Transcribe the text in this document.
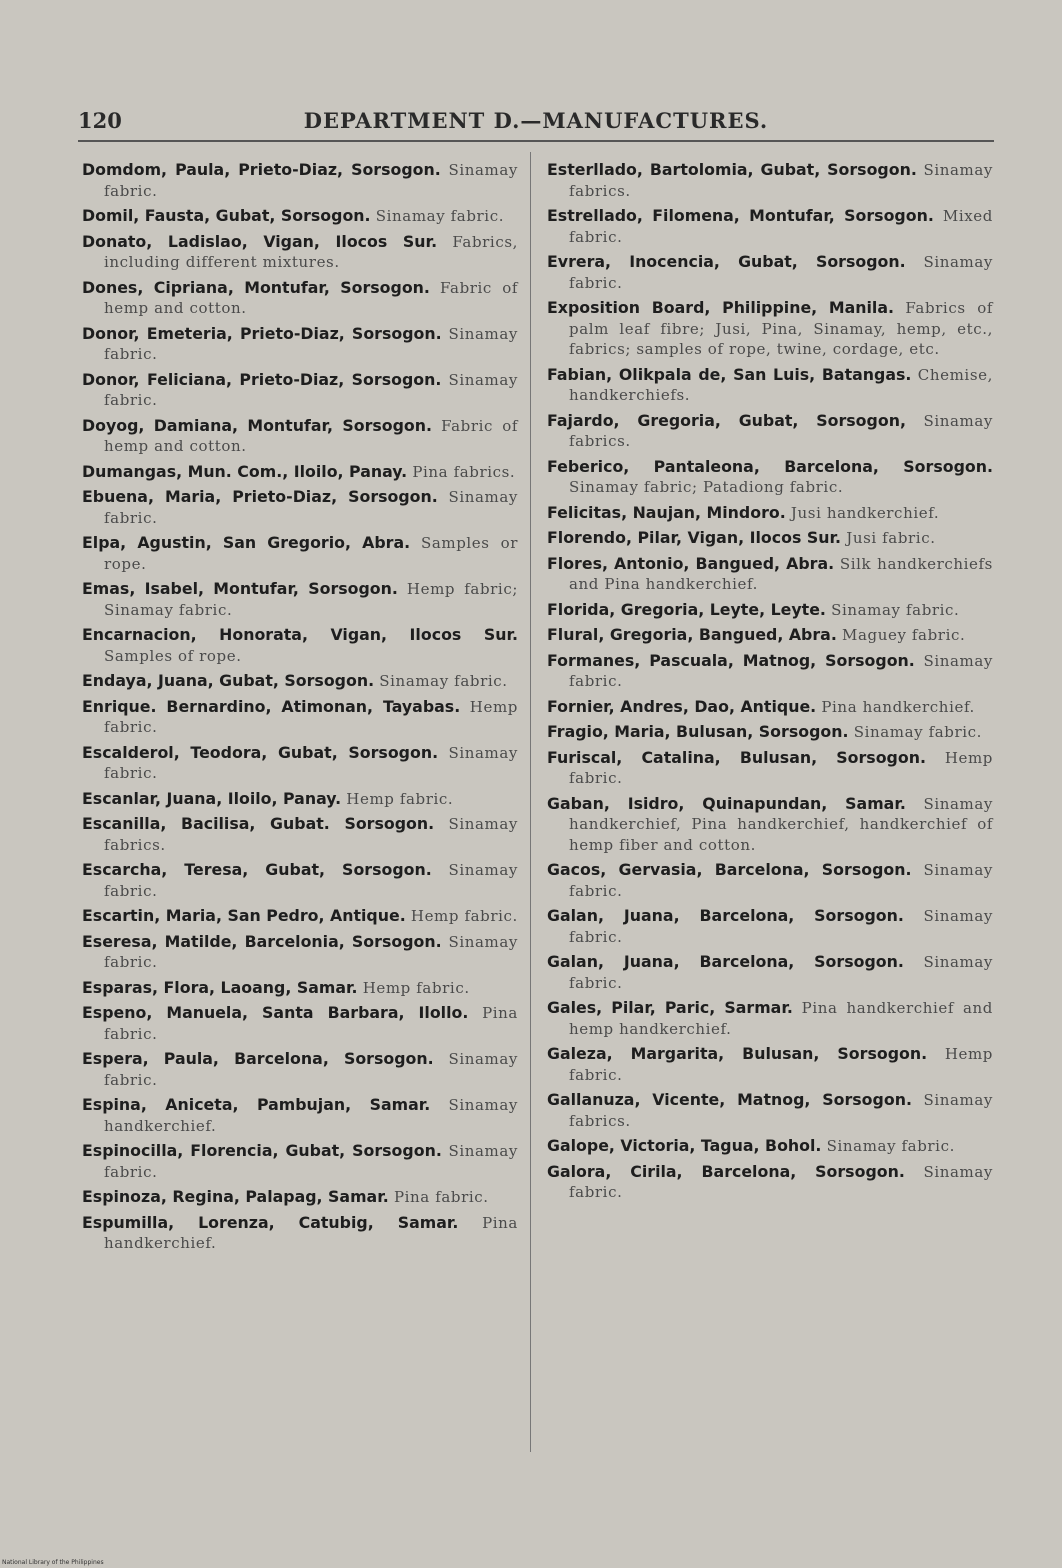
120	DEPARTMENT D.—MANUFACTURES.

Domdom, Paula, Prieto-Diaz, Sorsogon. Sinamay fabric.

Domil, Fausta, Gubat, Sorsogon. Sinamay fabric.

Donato, Ladislao, Vigan, Ilocos Sur. Fabrics, including different mixtures.

Dones, Cipriana, Montufar, Sorsogon. Fabric of hemp and cotton.

Donor, Emeteria, Prieto-Diaz, Sorsogon. Sinamay fabric.

Donor, Feliciana, Prieto-Diaz, Sorsogon. Sinamay fabric.

Doyog, Damiana, Montufar, Sorsogon. Fabric of hemp and cotton.

Dumangas, Mun. Com., Iloilo, Panay. Pina fabrics.

Ebuena, Maria, Prieto-Diaz, Sorsogon. Sinamay fabric.

Elpa, Agustin, San Gregorio, Abra. Samples or rope.

Emas, Isabel, Montufar, Sorsogon. Hemp fabric; Sinamay fabric.

Encarnacion, Honorata, Vigan, Ilocos Sur. Samples of rope.

Endaya, Juana, Gubat, Sorsogon. Sinamay fabric.

Enrique. Bernardino, Atimonan, Tayabas. Hemp fabric.

Escalderol, Teodora, Gubat, Sorsogon. Sinamay fabric.

Escanlar, Juana, Iloilo, Panay. Hemp fabric.

Escanilla, Bacilisa, Gubat. Sorsogon. Sinamay fabrics.

Escarcha, Teresa, Gubat, Sorsogon. Sinamay fabric.

Escartin, Maria, San Pedro, Antique. Hemp fabric.

Eseresa, Matilde, Barcelonia, Sorsogon. Sinamay fabric.

Esparas, Flora, Laoang, Samar. Hemp fabric.

Espeno, Manuela, Santa Barbara, Ilollo. Pina fabric.

Espera, Paula, Barcelona, Sorsogon. Sinamay fabric.

Espina, Aniceta, Pambujan, Samar. Sinamay handkerchief.

Espinocilla, Florencia, Gubat, Sorsogon. Sinamay fabric.

Espinoza, Regina, Palapag, Samar. Pina fabric.

Espumilla, Lorenza, Catubig, Samar. Pina handkerchief.

Esterllado, Bartolomia, Gubat, Sorsogon. Sinamay fabrics.

Estrellado, Filomena, Montufar, Sorsogon. Mixed fabric.

Evrera, Inocencia, Gubat, Sorsogon. Sinamay fabric.

Exposition Board, Philippine, Manila. Fabrics of palm leaf fibre; Jusi, Pina, Sinamay, hemp, etc., fabrics; samples of rope, twine, cordage, etc.

Fabian, Olikpala de, San Luis, Batangas. Chemise, handkerchiefs.

Fajardo, Gregoria, Gubat, Sorsogon, Sinamay fabrics.

Feberico, Pantaleona, Barcelona, Sorsogon. Sinamay fabric; Patadiong fabric.

Felicitas, Naujan, Mindoro. Jusi handkerchief.

Florendo, Pilar, Vigan, Ilocos Sur. Jusi fabric.

Flores, Antonio, Bangued, Abra. Silk handkerchiefs and Pina handkerchief.

Florida, Gregoria, Leyte, Leyte. Sinamay fabric.

Flural, Gregoria, Bangued, Abra. Maguey fabric.

Formanes, Pascuala, Matnog, Sorsogon. Sinamay fabric.

Fornier, Andres, Dao, Antique. Pina handkerchief.

Fragio, Maria, Bulusan, Sorsogon. Sinamay fabric.

Furiscal, Catalina, Bulusan, Sorsogon. Hemp fabric.

Gaban, Isidro, Quinapundan, Samar. Sinamay handkerchief, Pina handkerchief, handkerchief of hemp fiber and cotton.

Gacos, Gervasia, Barcelona, Sorsogon. Sinamay fabric.

Galan, Juana, Barcelona, Sorsogon. Sinamay fabric.

Galan, Juana, Barcelona, Sorsogon. Sinamay fabric.

Gales, Pilar, Paric, Sarmar. Pina handkerchief and hemp handkerchief.

Galeza, Margarita, Bulusan, Sorsogon. Hemp fabric.

Gallanuza, Vicente, Matnog, Sorsogon. Sinamay fabrics.

Galope, Victoria, Tagua, Bohol. Sinamay fabric.

Galora, Cirila, Barcelona, Sorsogon. Sinamay fabric.

National Library of the Philippines
